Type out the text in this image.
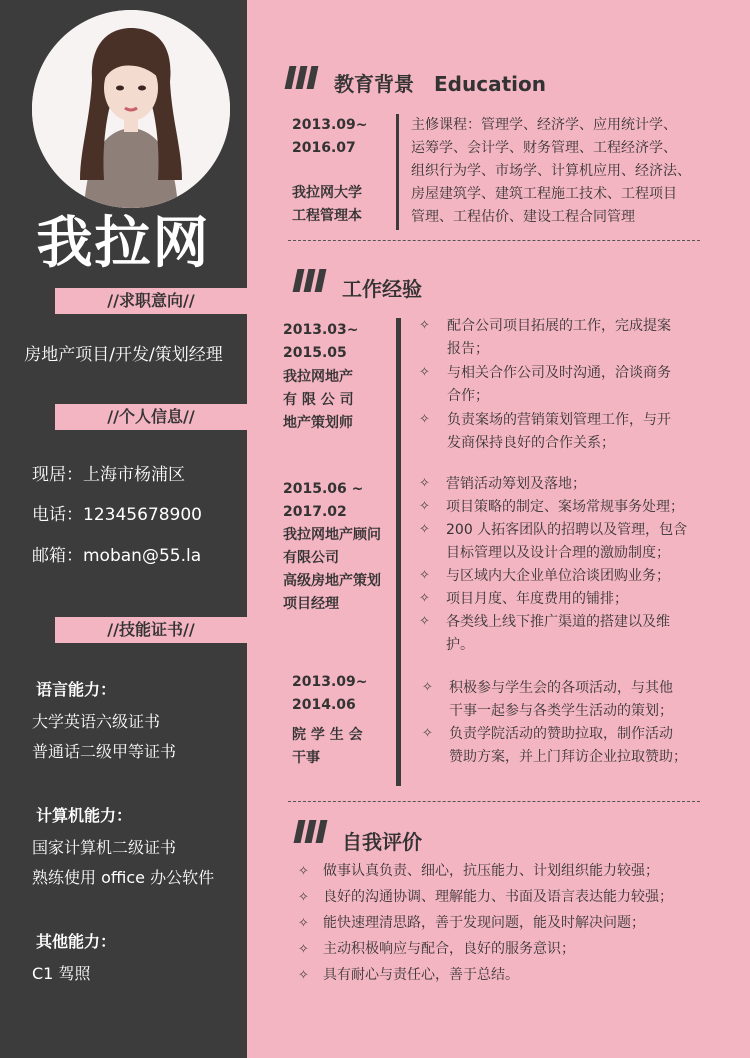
我拉网
//求职意向//
房地产项目/开发/策划经理
//个人信息//
现居：上海市杨浦区
电话：12345678900
邮箱：moban@55.la
//技能证书//
语言能力：
大学英语六级证书
普通话二级甲等证书
计算机能力：
国家计算机二级证书
熟练使用 office 办公软件
其他能力：
C1 驾照
教育背景　Education
2013.09~
2016.07
我拉网大学
工程管理本
主修课程：管理学、经济学、应用统计学、
运筹学、会计学、财务管理、工程经济学、
组织行为学、市场学、计算机应用、经济法、
房屋建筑学、建筑工程施工技术、工程项目
管理、工程估价、建设工程合同管理
工作经验
2013.03~
2015.05
我拉网地产
有 限 公 司
地产策划师
✧ 配合公司项目拓展的工作，完成提案
报告；
✧ 与相关合作公司及时沟通，洽谈商务
合作；
✧ 负责案场的营销策划管理工作，与开
发商保持良好的合作关系；
2015.06 ~
2017.02
我拉网地产顾问
有限公司
高级房地产策划
项目经理
✧ 营销活动筹划及落地；
✧ 项目策略的制定、案场常规事务处理；
✧ 200 人拓客团队的招聘以及管理，包含
目标管理以及设计合理的激励制度；
✧ 与区域内大企业单位洽谈团购业务；
✧ 项目月度、年度费用的铺排；
✧ 各类线上线下推广渠道的搭建以及维
护。
2013.09~
2014.06
院 学 生 会
干事
✧ 积极参与学生会的各项活动，与其他
干事一起参与各类学生活动的策划；
✧ 负责学院活动的赞助拉取，制作活动
赞助方案，并上门拜访企业拉取赞助；
自我评价
✧ 做事认真负责、细心，抗压能力、计划组织能力较强；
✧ 良好的沟通协调、理解能力、书面及语言表达能力较强；
✧ 能快速理清思路，善于发现问题，能及时解决问题；
✧ 主动积极响应与配合，良好的服务意识；
✧ 具有耐心与责任心，善于总结。
